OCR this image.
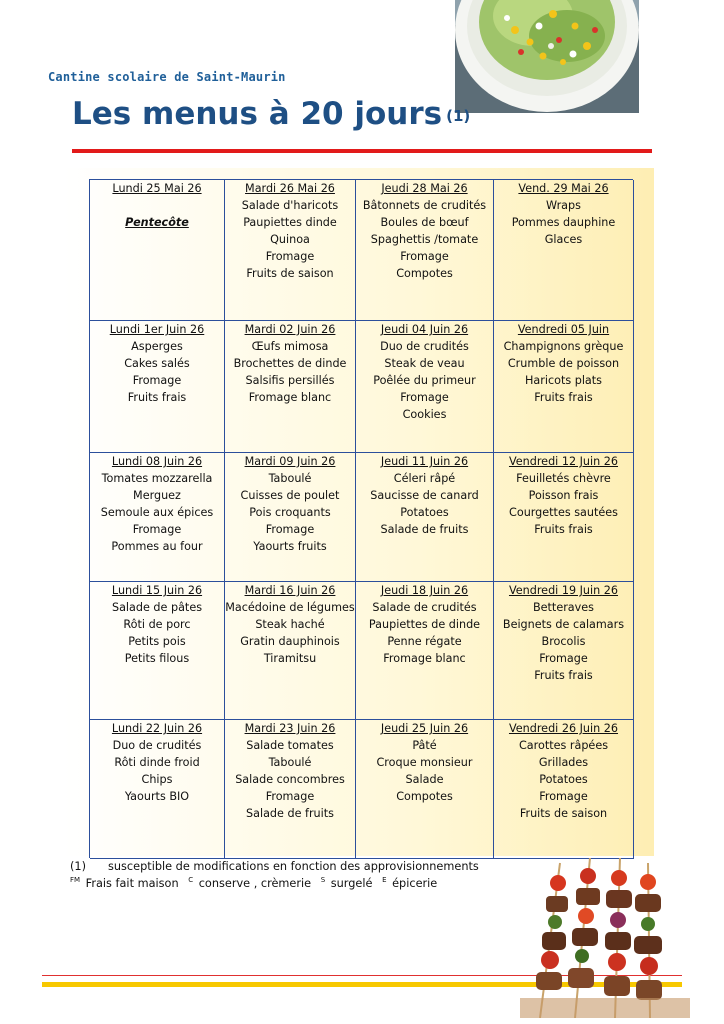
Cantine scolaire de Saint-Maurin
Les menus à 20 jours (1)
Lundi 25 Mai 26
Pentecôte
Mardi 26 Mai 26
Salade d'haricots
Paupiettes dinde
Quinoa
Fromage
Fruits de saison
Jeudi 28 Mai 26
Bâtonnets de crudités
Boules de bœuf
Spaghettis /tomate
Fromage
Compotes
Vend. 29 Mai 26
Wraps
Pommes dauphine
Glaces
Lundi 1er Juin 26
Asperges
Cakes salés
Fromage
Fruits frais
Mardi 02 Juin 26
Œufs mimosa
Brochettes de dinde
Salsifis persillés
Fromage blanc
Jeudi 04 Juin 26
Duo de crudités
Steak de veau
Poêlée du primeur
Fromage
Cookies
Vendredi 05 Juin
Champignons grèque
Crumble de poisson
Haricots plats
Fruits frais
Lundi 08 Juin 26
Tomates mozzarella
Merguez
Semoule aux épices
Fromage
Pommes au four
Mardi 09 Juin 26
Taboulé
Cuisses de poulet
Pois croquants
Fromage
Yaourts fruits
Jeudi 11 Juin 26
Céleri râpé
Saucisse de canard
Potatoes
Salade de fruits
Vendredi 12 Juin 26
Feuilletés chèvre
Poisson frais
Courgettes sautées
Fruits frais
Lundi 15 Juin 26
Salade de pâtes
Rôti de porc
Petits pois
Petits filous
Mardi 16 Juin 26
Macédoine de légumes
Steak haché
Gratin dauphinois
Tiramitsu
Jeudi 18 Juin 26
Salade de crudités
Paupiettes de dinde
Penne régate
Fromage blanc
Vendredi 19 Juin 26
Betteraves
Beignets de calamars
Brocolis
Fromage
Fruits frais
Lundi 22 Juin 26
Duo de crudités
Rôti dinde froid
Chips
Yaourts BIO
Mardi 23 Juin 26
Salade tomates
Taboulé
Salade concombres
Fromage
Salade de fruits
Jeudi 25 Juin 26
Pâté
Croque monsieur
Salade
Compotes
Vendredi 26 Juin 26
Carottes râpées
Grillades
Potatoes
Fromage
Fruits de saison
(1) susceptible de modifications en fonction des approvisionnements
$^{FM}$ Frais fait maison $^C$ conserve , crèmerie $^S$ surgelé $^E$ épicerie
